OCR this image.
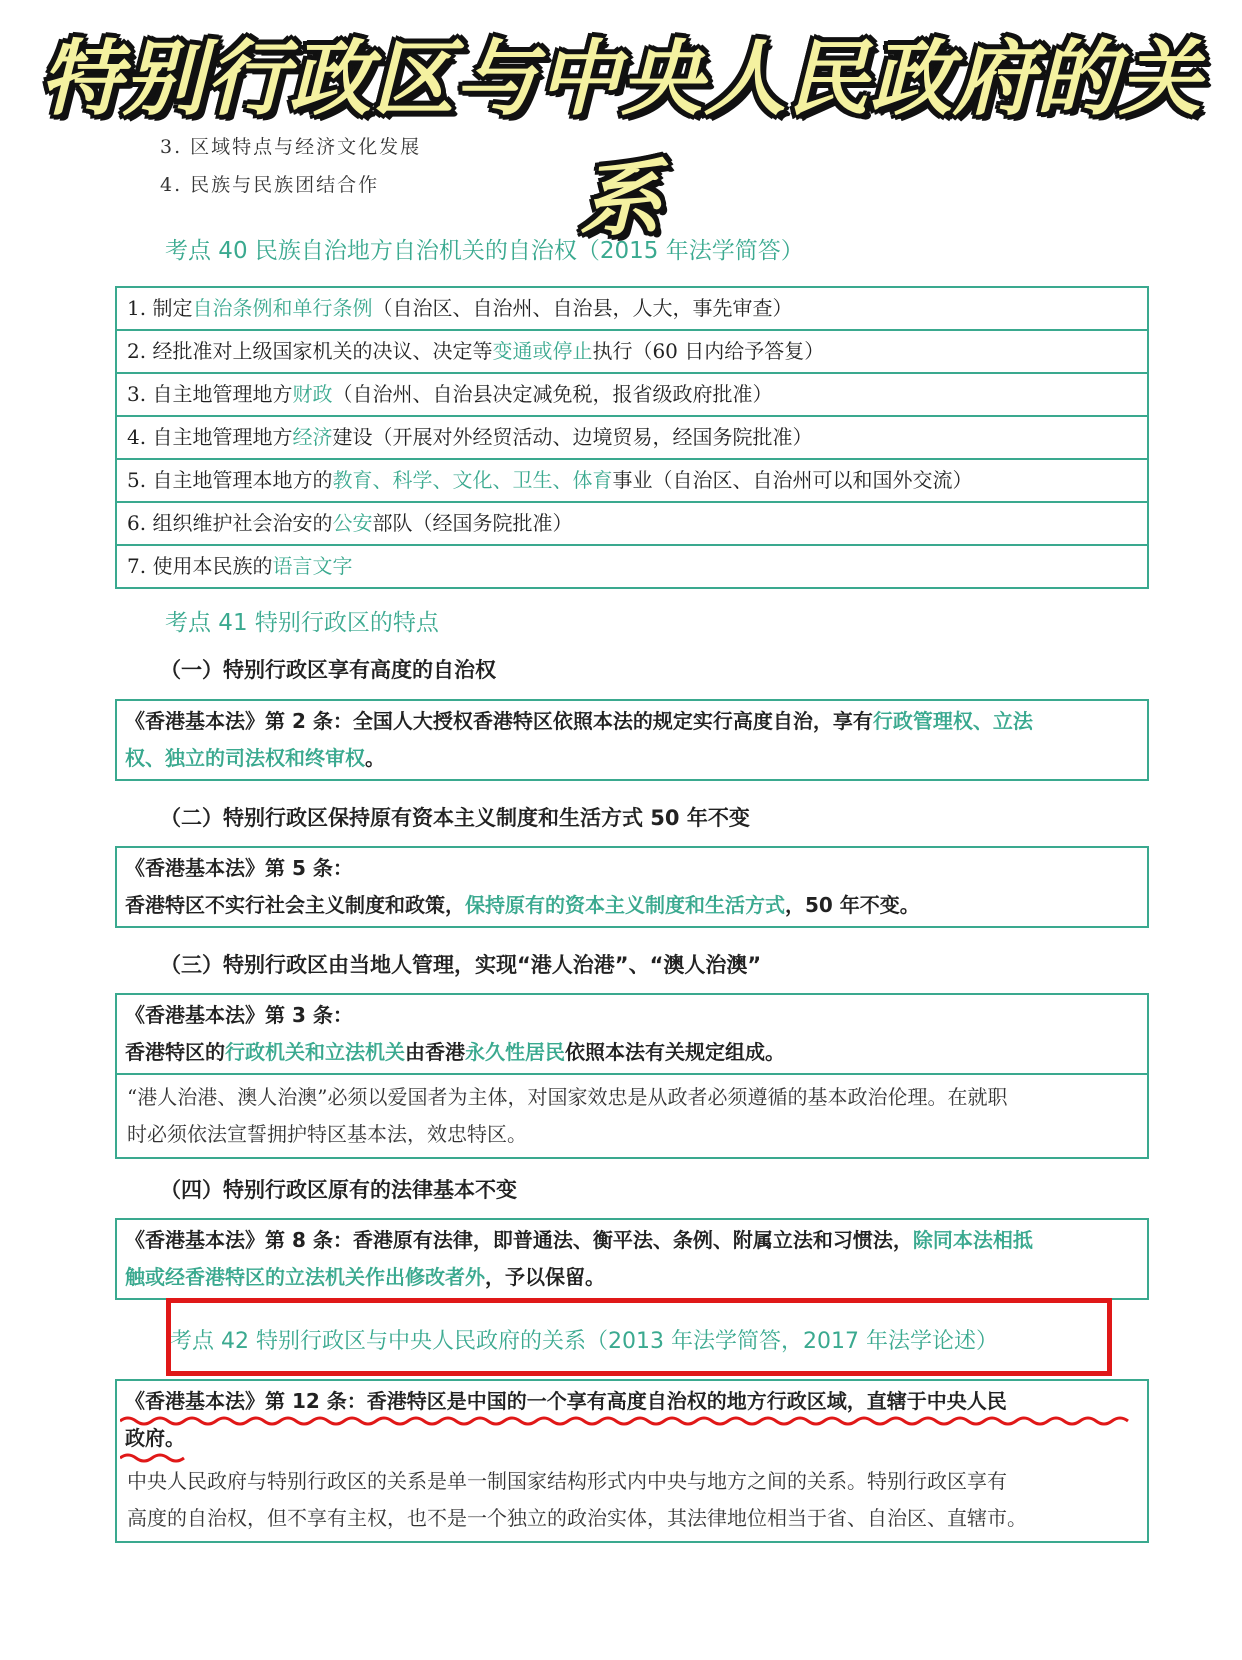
特别行政区与中央人民政府的关系
3. 区域特点与经济文化发展
4. 民族与民族团结合作
考点 40 民族自治地方自治机关的自治权（2015 年法学简答）
1. 制定自治条例和单行条例（自治区、自治州、自治县，人大，事先审查）
2. 经批准对上级国家机关的决议、决定等变通或停止执行（60 日内给予答复）
3. 自主地管理地方财政（自治州、自治县决定减免税，报省级政府批准）
4. 自主地管理地方经济建设（开展对外经贸活动、边境贸易，经国务院批准）
5. 自主地管理本地方的教育、科学、文化、卫生、体育事业（自治区、自治州可以和国外交流）
6. 组织维护社会治安的公安部队（经国务院批准）
7. 使用本民族的语言文字
考点 41 特别行政区的特点
（一）特别行政区享有高度的自治权
《香港基本法》第 2 条：全国人大授权香港特区依照本法的规定实行高度自治，享有行政管理权、立法
权、独立的司法权和终审权。
（二）特别行政区保持原有资本主义制度和生活方式 50 年不变
《香港基本法》第 5 条：
香港特区不实行社会主义制度和政策，保持原有的资本主义制度和生活方式，50 年不变。
（三）特别行政区由当地人管理，实现“港人治港”、“澳人治澳”
《香港基本法》第 3 条：
香港特区的行政机关和立法机关由香港永久性居民依照本法有关规定组成。
“港人治港、澳人治澳”必须以爱国者为主体，对国家效忠是从政者必须遵循的基本政治伦理。在就职
时必须依法宣誓拥护特区基本法，效忠特区。
（四）特别行政区原有的法律基本不变
《香港基本法》第 8 条：香港原有法律，即普通法、衡平法、条例、附属立法和习惯法，除同本法相抵
触或经香港特区的立法机关作出修改者外，予以保留。
考点 42 特别行政区与中央人民政府的关系（2013 年法学简答，2017 年法学论述）
《香港基本法》第 12 条：香港特区是中国的一个享有高度自治权的地方行政区域，直辖于中央人民
政府。
中央人民政府与特别行政区的关系是单一制国家结构形式内中央与地方之间的关系。特别行政区享有
高度的自治权，但不享有主权，也不是一个独立的政治实体，其法律地位相当于省、自治区、直辖市。
